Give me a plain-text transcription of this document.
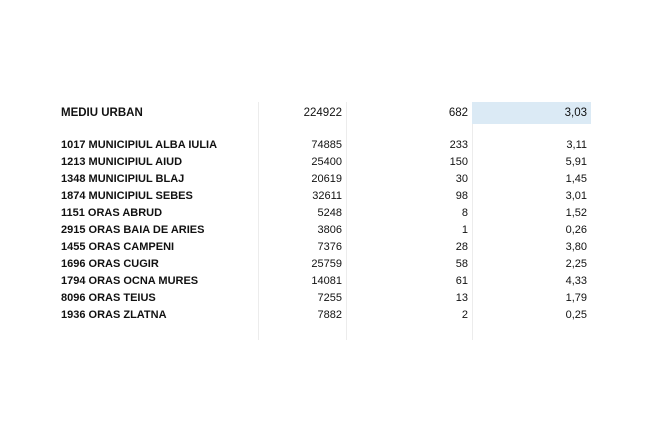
MEDIU URBAN	224922	682	3,03
1017 MUNICIPIUL ALBA IULIA	74885	233	3,11
1213 MUNICIPIUL AIUD	25400	150	5,91
1348 MUNICIPIUL BLAJ	20619	30	1,45
1874 MUNICIPIUL SEBES	32611	98	3,01
1151 ORAS ABRUD	5248	8	1,52
2915 ORAS BAIA DE ARIES	3806	1	0,26
1455 ORAS CAMPENI	7376	28	3,80
1696 ORAS CUGIR	25759	58	2,25
1794 ORAS OCNA MURES	14081	61	4,33
8096 ORAS TEIUS	7255	13	1,79
1936 ORAS ZLATNA	7882	2	0,25
